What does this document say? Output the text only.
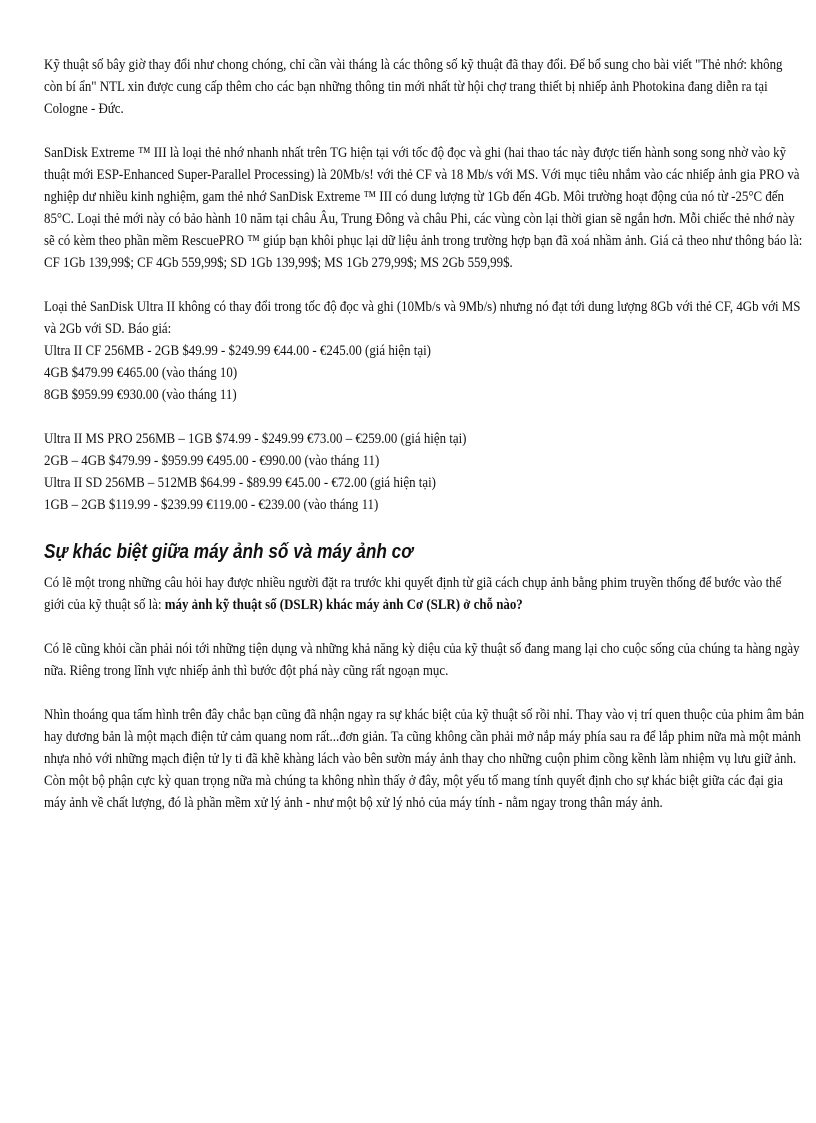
Kỹ thuật số bây giờ thay đổi như chong chóng, chỉ cần vài tháng là các thông số kỹ thuật đã thay đổi. Để bổ sung cho bài viết "Thẻ nhớ: không còn bí ẩn" NTL xin được cung cấp thêm cho các bạn những thông tin mới nhất từ hội chợ trang thiết bị nhiếp ảnh Photokina đang diễn ra tại Cologne - Đức.

SanDisk Extreme ™ III là loại thẻ nhớ nhanh nhất trên TG hiện tại với tốc độ đọc và ghi (hai thao tác này được tiến hành song song nhờ vào kỹ thuật mới ESP-Enhanced Super-Parallel Processing) là 20Mb/s! với thẻ CF và 18 Mb/s với MS. Với mục tiêu nhắm vào các nhiếp ảnh gia PRO và nghiệp dư nhiều kinh nghiệm, gam thẻ nhớ SanDisk Extreme ™ III có dung lượng từ 1Gb đến 4Gb. Môi trường hoạt động của nó từ -25°C đến 85°C. Loại thẻ mới này có bảo hành 10 năm tại châu Âu, Trung Đông và châu Phi, các vùng còn lại thời gian sẽ ngắn hơn. Mỗi chiếc thẻ nhớ này sẽ có kèm theo phần mềm RescuePRO ™ giúp bạn khôi phục lại dữ liệu ảnh trong trường hợp bạn đã xoá nhầm ảnh. Giá cả theo như thông báo là: CF 1Gb 139,99$; CF 4Gb 559,99$; SD 1Gb 139,99$; MS 1Gb 279,99$; MS 2Gb 559,99$.

Loại thẻ SanDisk Ultra II không có thay đổi trong tốc độ đọc và ghi (10Mb/s và 9Mb/s) nhưng nó đạt tới dung lượng 8Gb với thẻ CF, 4Gb với MS và 2Gb với SD. Báo giá:
Ultra II CF 256MB - 2GB $49.99 - $249.99 €44.00 - €245.00 (giá hiện tại)
4GB $479.99 €465.00 (vào tháng 10)
8GB $959.99 €930.00 (vào tháng 11)
Ultra II MS PRO 256MB – 1GB $74.99 - $249.99 €73.00 – €259.00 (giá hiện tại)
2GB – 4GB $479.99 - $959.99 €495.00 - €990.00 (vào tháng 11)
Ultra II SD 256MB – 512MB $64.99 - $89.99 €45.00 - €72.00 (giá hiện tại)
1GB – 2GB $119.99 - $239.99 €119.00 - €239.00 (vào tháng 11)
Sự khác biệt giữa máy ảnh số và máy ảnh cơ

Có lẽ một trong những câu hỏi hay được nhiều người đặt ra trước khi quyết định từ giã cách chụp ảnh bằng phim truyền thống để bước vào thế giới của kỹ thuật số là: máy ảnh kỹ thuật số (DSLR) khác máy ảnh Cơ (SLR) ở chỗ nào?

Có lẽ cũng khỏi cần phải nói tới những tiện dụng và những khả năng kỳ diệu của kỹ thuật số đang mang lại cho cuộc sống của chúng ta hàng ngày nữa. Riêng trong lĩnh vực nhiếp ảnh thì bước đột phá này cũng rất ngoạn mục.

Nhìn thoáng qua tấm hình trên đây chắc bạn cũng đã nhận ngay ra sự khác biệt của kỹ thuật số rồi nhỉ. Thay vào vị trí quen thuộc của phim âm bản hay dương bản là một mạch điện tử cảm quang nom rất...đơn giản. Ta cũng không cần phải mở nắp máy phía sau ra để lắp phim nữa mà một mảnh nhựa nhỏ với những mạch điện tử ly ti đã khẽ khàng lách vào bên sườn máy ảnh thay cho những cuộn phim cồng kềnh làm nhiệm vụ lưu giữ ảnh. Còn một bộ phận cực kỳ quan trọng nữa mà chúng ta không nhìn thấy ở đây, một yếu tố mang tính quyết định cho sự khác biệt giữa các đại gia máy ảnh về chất lượng, đó là phần mềm xử lý ảnh - như một bộ xử lý nhỏ của máy tính - nằm ngay trong thân máy ảnh.
